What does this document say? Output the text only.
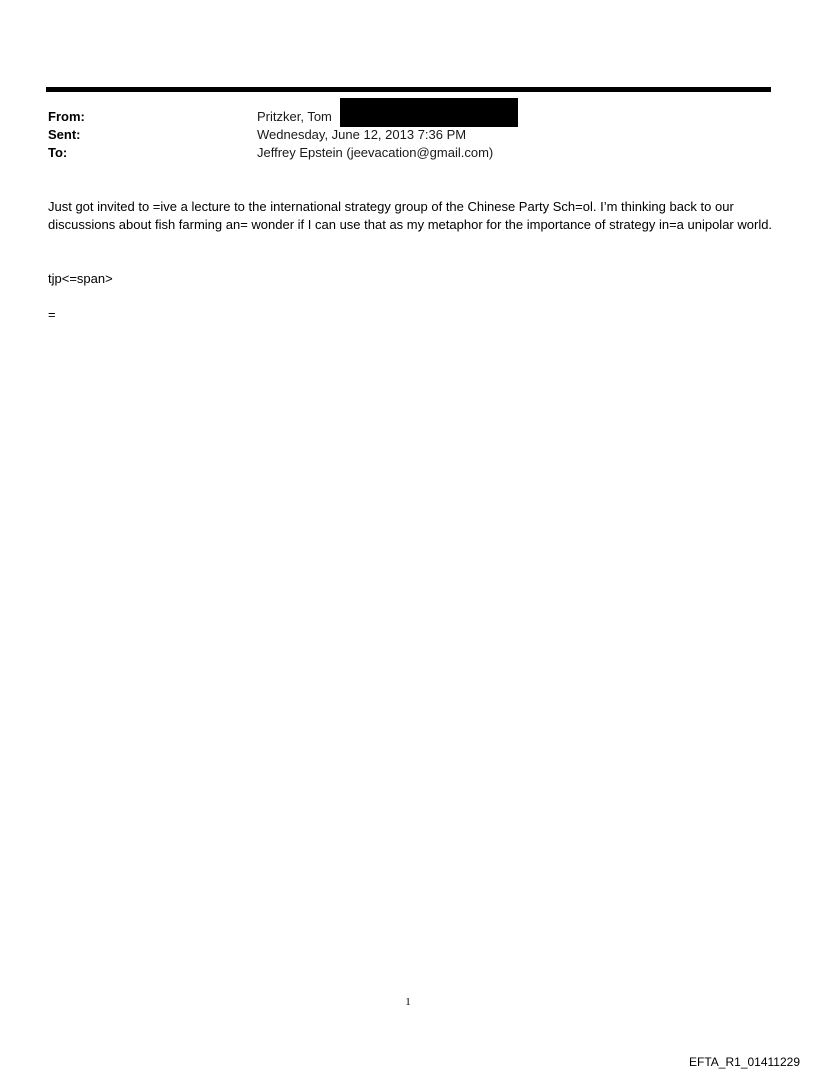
From:	Pritzker, Tom
Sent:	Wednesday, June 12, 2013 7:36 PM
To:	Jeffrey Epstein (jeevacation@gmail.com)
Just got invited to =ive a lecture to the international strategy group of the Chinese Party Sch=ol. I’m thinking back to our discussions about fish farming an= wonder if I can use that as my metaphor for the importance of strategy in=a unipolar world.
tjp<=span>
=
1
EFTA_R1_01411229
